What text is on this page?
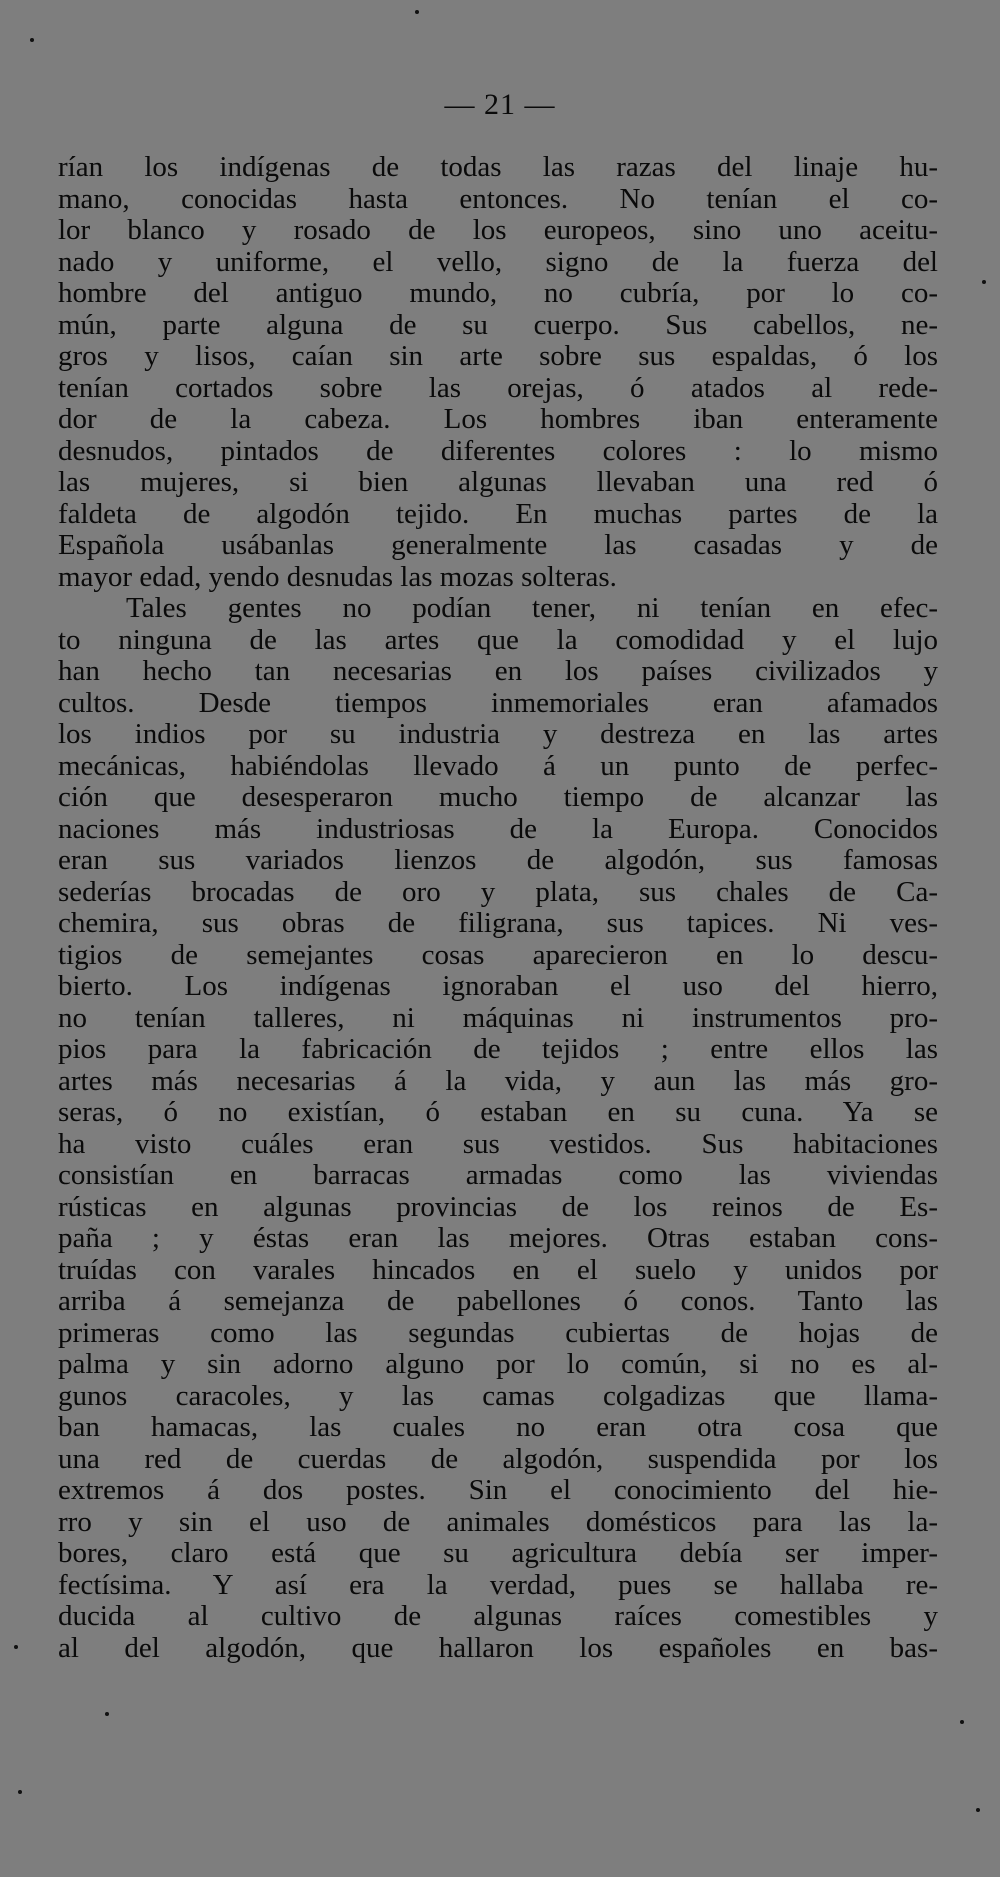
— 21 —
rían los indígenas de todas las razas del linaje hu-
mano, conocidas hasta entonces. No tenían el co-
lor blanco y rosado de los europeos, sino uno aceitu-
nado y uniforme, el vello, signo de la fuerza del
hombre del antiguo mundo, no cubría, por lo co-
mún, parte alguna de su cuerpo. Sus cabellos, ne-
gros y lisos, caían sin arte sobre sus espaldas, ó los
tenían cortados sobre las orejas, ó atados al rede-
dor de la cabeza. Los hombres iban enteramente
desnudos, pintados de diferentes colores : lo mismo
las mujeres, si bien algunas llevaban una red ó
faldeta de algodón tejido. En muchas partes de la
Española usábanlas generalmente las casadas y de
mayor edad, yendo desnudas las mozas solteras.
Tales gentes no podían tener, ni tenían en efec-
to ninguna de las artes que la comodidad y el lujo
han hecho tan necesarias en los países civilizados y
cultos. Desde tiempos inmemoriales eran afamados
los indios por su industria y destreza en las artes
mecánicas, habiéndolas llevado á un punto de perfec-
ción que desesperaron mucho tiempo de alcanzar las
naciones más industriosas de la Europa. Conocidos
eran sus variados lienzos de algodón, sus famosas
sederías brocadas de oro y plata, sus chales de Ca-
chemira, sus obras de filigrana, sus tapices. Ni ves-
tigios de semejantes cosas aparecieron en lo descu-
bierto. Los indígenas ignoraban el uso del hierro,
no tenían talleres, ni máquinas ni instrumentos pro-
pios para la fabricación de tejidos ; entre ellos las
artes más necesarias á la vida, y aun las más gro-
seras, ó no existían, ó estaban en su cuna. Ya se
ha visto cuáles eran sus vestidos. Sus habitaciones
consistían en barracas armadas como las viviendas
rústicas en algunas provincias de los reinos de Es-
paña ; y éstas eran las mejores. Otras estaban cons-
truídas con varales hincados en el suelo y unidos por
arriba á semejanza de pabellones ó conos. Tanto las
primeras como las segundas cubiertas de hojas de
palma y sin adorno alguno por lo común, si no es al-
gunos caracoles, y las camas colgadizas que llama-
ban hamacas, las cuales no eran otra cosa que
una red de cuerdas de algodón, suspendida por los
extremos á dos postes. Sin el conocimiento del hie-
rro y sin el uso de animales domésticos para las la-
bores, claro está que su agricultura debía ser imper-
fectísima. Y así era la verdad, pues se hallaba re-
ducida al cultivo de algunas raíces comestibles y
al del algodón, que hallaron los españoles en bas-
